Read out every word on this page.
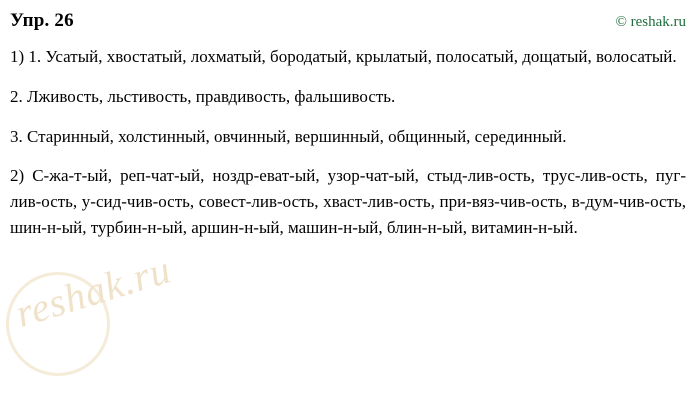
Упр. 26	© reshak.ru

1) 1. Усатый, хвостатый, лохматый, бородатый, крылатый, полосатый, дощатый, волосатый.

2. Лживость, льстивость, правдивость, фальшивость.

3. Старинный, холстинный, овчинный, вершинный, общинный, серединный.

2) С-жа-т-ый, реп-чат-ый, ноздр-еват-ый, узор-чат-ый, стыд-лив-ость, трус-лив-ость, пуг-лив-ость, у-сид-чив-ость, совест-лив-ость, хваст-лив-ость, при-вяз-чив-ость, в-дум-чив-ость, шин-н-ый, турбин-н-ый, аршин-н-ый, машин-н-ый, блин-н-ый, витамин-н-ый.

reshak.ru
